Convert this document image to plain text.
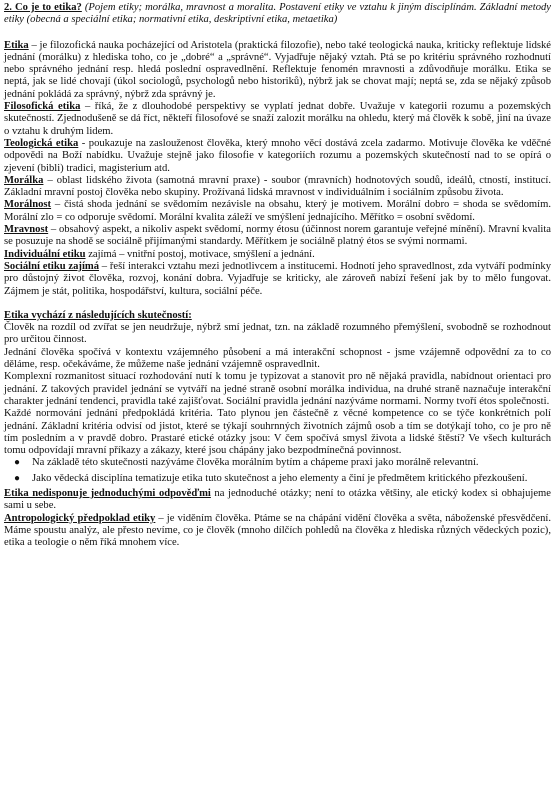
2. Co je to etika? (Pojem etiky; morálka, mravnost a moralita. Postavení etiky ve vztahu k jiným disciplínám. Základní metody etiky (obecná a speciální etika; normativní etika, deskriptivní etika, metaetika)

Etika – je filozofická nauka pocházející od Aristotela (praktická filozofie), nebo také teologická nauka, kriticky reflektuje lidské jednání (morálku) z hlediska toho, co je „dobré“ a „správné“. Vyjadřuje nějaký vztah. Ptá se po kritériu správného rozhodnutí nebo správného jednání resp. hledá poslední ospravedlnění. Reflektuje fenomén mravnosti a zdůvodňuje morálku. Etika se neptá, jak se lidé chovají (úkol sociologů, psychologů nebo historiků), nýbrž jak se chovat mají; neptá se, zda se nějaký způsob jednání pokládá za správný, nýbrž zda správný je.

Filosofická etika – říká, že z dlouhodobé perspektivy se vyplatí jednat dobře. Uvažuje v kategorii rozumu a pozemských skutečností. Zjednodušeně se dá říct, někteří filosofové se snaží zalozit morálku na ohledu, který má člověk k sobě, jiní na úvaze o vztahu k druhým lidem.

Teologická etika - poukazuje na zaslouženost člověka, který mnoho věcí dostává zcela zadarmo. Motivuje člověka ke vděčné odpovědi na Boží nabídku. Uvažuje stejně jako filosofie v kategoriích rozumu a pozemských skutečností nad to se opírá o zjevení (bibli) tradici, magisterium atd.

Morálka – oblast lidského života (samotná mravní praxe) - soubor (mravních) hodnotových soudů, ideálů, ctností, institucí. Základní mravní postoj člověka nebo skupiny. Prožívaná lidská mravnost v individuálním i sociálním způsobu života.

Morálnost – čistá shoda jednání se svědomím nezávisle na obsahu, který je motivem. Morální dobro = shoda se svědomím. Morální zlo = co odporuje svědomí. Morální kvalita záleží ve smýšlení jednajícího. Měřítko = osobní svědomí.

Mravnost – obsahový aspekt, a nikoliv aspekt svědomí, normy étosu (účinnost norem garantuje veřejné mínění). Mravní kvalita se posuzuje na shodě se sociálně přijímanými standardy. Měřítkem je sociálně platný étos se svými normami.

Individuální etiku zajímá – vnitřní postoj, motivace, smýšlení a jednání.

Sociální etiku zajímá – řeší interakci vztahu mezi jednotlivcem a institucemi. Hodnotí jeho spravedlnost, zda vytváří podmínky pro důstojný život člověka, rozvoj, konání dobra. Vyjadřuje se kriticky, ale zároveň nabízí řešení jak by to mělo fungovat. Zájmem je stát, politika, hospodářství, kultura, sociální péče.

Etika vychází z následujících skutečností:

Člověk na rozdíl od zvířat se jen neudržuje, nýbrž smí jednat, tzn. na základě rozumného přemýšlení, svobodně se rozhodnout pro určitou činnost.

Jednání člověka spočívá v kontextu vzájemného působení a má interakční schopnost - jsme vzájemně odpovědní za to co děláme, resp. očekáváme, že můžeme naše jednání vzájemně ospravedlnit.

Komplexní rozmanitost situací rozhodování nutí k tomu je typizovat a stanovit pro ně nějaká pravidla, nabídnout orientaci pro jednání. Z takových pravidel jednání se vytváří na jedné straně osobní morálka individua, na druhé straně naznačuje interakční charakter jednání tendenci, pravidla také zajišťovat. Sociální pravidla jednání nazýváme normami. Normy tvoří étos společnosti.

Každé normování jednání předpokládá kritéria. Tato plynou jen částečně z věcné kompetence co se týče konkrétních polí jednání. Základní kritéria odvisí od jistot, které se týkají souhrnných životních zájmů osob a tím se dotýkají toho, co je pro ně tím posledním a v pravdě dobro. Prastaré etické otázky jsou: V čem spočívá smysl života a lidské štěstí? Ve všech kulturách tomu odpovídají mravní příkazy a zákazy, které jsou chápány jako bezpodmínečná povinnost.

● Na základě této skutečnosti nazýváme člověka morálním bytím a chápeme praxi jako morálně relevantní.
● Jako vědecká disciplína tematizuje etika tuto skutečnost a jeho elementy a činí je předmětem kritického přezkoušení.

Etika nedisponuje jednoduchými odpověďmi na jednoduché otázky; není to otázka většiny, ale etický kodex si obhajujeme sami u sebe.

Antropologický předpoklad etiky – je viděním člověka. Ptáme se na chápání vidění člověka a světa, náboženské přesvědčení. Máme spoustu analýz, ale přesto nevíme, co je člověk (mnoho dílčích pohledů na člověka z hlediska různých vědeckých pozic), etika a teologie o něm říká mnohem více.
